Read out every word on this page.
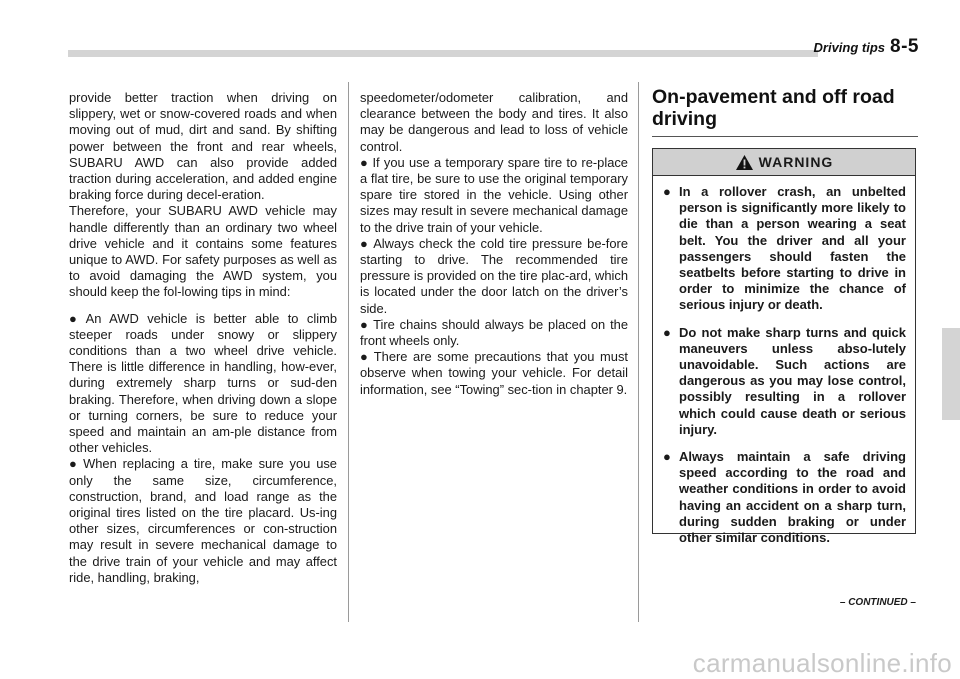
Driving tips 8-5

provide better traction when driving on slippery, wet or snow-covered roads and when moving out of mud, dirt and sand. By shifting power between the front and rear wheels, SUBARU AWD can also provide added traction during acceleration, and added engine braking force during decel-eration.

Therefore, your SUBARU AWD vehicle may handle differently than an ordinary two wheel drive vehicle and it contains some features unique to AWD. For safety purposes as well as to avoid damaging the AWD system, you should keep the fol-lowing tips in mind:

● An AWD vehicle is better able to climb steeper roads under snowy or slippery conditions than a two wheel drive vehicle. There is little difference in handling, how-ever, during extremely sharp turns or sud-den braking. Therefore, when driving down a slope or turning corners, be sure to reduce your speed and maintain an am-ple distance from other vehicles.

● When replacing a tire, make sure you use only the same size, circumference, construction, brand, and load range as the original tires listed on the tire placard. Us-ing other sizes, circumferences or con-struction may result in severe mechanical damage to the drive train of your vehicle and may affect ride, handling, braking,

speedometer/odometer calibration, and clearance between the body and tires. It also may be dangerous and lead to loss of vehicle control.

● If you use a temporary spare tire to re-place a flat tire, be sure to use the original temporary spare tire stored in the vehicle. Using other sizes may result in severe mechanical damage to the drive train of your vehicle.

● Always check the cold tire pressure be-fore starting to drive. The recommended tire pressure is provided on the tire plac-ard, which is located under the door latch on the driver’s side.

● Tire chains should always be placed on the front wheels only.

● There are some precautions that you must observe when towing your vehicle. For detail information, see “Towing” sec-tion in chapter 9.

On-pavement and off road driving
WARNING
● In a rollover crash, an unbelted person is significantly more likely to die than a person wearing a seat belt. You the driver and all your passengers should fasten the seatbelts before starting to drive in order to minimize the chance of serious injury or death.
● Do not make sharp turns and quick maneuvers unless abso-lutely unavoidable. Such actions are dangerous as you may lose control, possibly resulting in a rollover which could cause death or serious injury.
● Always maintain a safe driving speed according to the road and weather conditions in order to avoid having an accident on a sharp turn, during sudden braking or under other similar conditions.
– CONTINUED –
carmanualsonline.info
